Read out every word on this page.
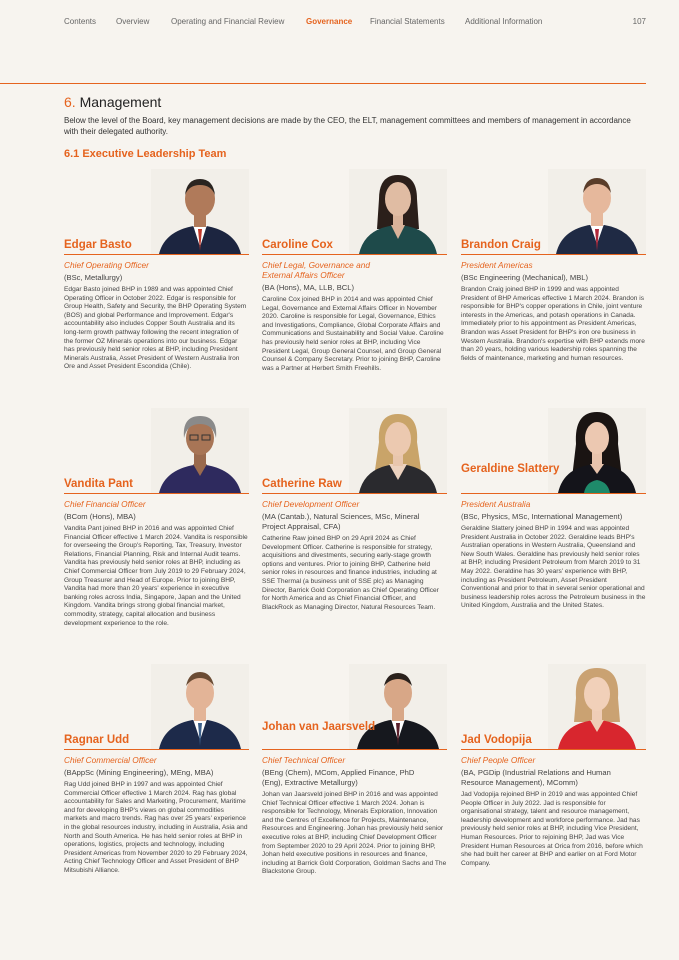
Contents Overview	Operating and Financial Review	Governance Financial Statements	Additional Information	107
6. Management
Below the level of the Board, key management decisions are made by the CEO, the ELT, management committees and members of management in accordance with their delegated authority.
6.1 Executive Leadership Team
Edgar Basto
Chief Operating Officer
(BSc, Metallurgy)
Edgar Basto joined BHP in 1989 and was appointed Chief Operating Officer in October 2022. Edgar is responsible for Group Health, Safety and Security, the BHP Operating System (BOS) and global Performance and Improvement. Edgar's accountability also includes Copper South Australia and its long-term growth pathway following the recent integration of the former OZ Minerals operations into our business. Edgar has previously held senior roles at BHP, including President Minerals Australia, Asset President of Western Australia Iron Ore and Asset President Escondida (Chile).
Caroline Cox
Chief Legal, Governance and External Affairs Officer
(BA (Hons), MA, LLB, BCL)
Caroline Cox joined BHP in 2014 and was appointed Chief Legal, Governance and External Affairs Officer in November 2020. Caroline is responsible for Legal, Governance, Ethics and Investigations, Compliance, Global Corporate Affairs and Communications and Sustainability and Social Value. Caroline has previously held senior roles at BHP, including Vice President Legal, Group General Counsel, and Group General Counsel & Company Secretary. Prior to joining BHP, Caroline was a Partner at Herbert Smith Freehills.
Brandon Craig
President Americas
(BSc Engineering (Mechanical), MBL)
Brandon Craig joined BHP in 1999 and was appointed President of BHP Americas effective 1 March 2024. Brandon is responsible for BHP's copper operations in Chile, joint venture interests in the Americas, and potash operations in Canada. Immediately prior to his appointment as President Americas, Brandon was Asset President for BHP's iron ore business in Western Australia. Brandon's expertise with BHP extends more than 20 years, holding various leadership roles spanning the fields of maintenance, marketing and human resources.
Vandita Pant
Chief Financial Officer
(BCom (Hons), MBA)
Vandita Pant joined BHP in 2016 and was appointed Chief Financial Officer effective 1 March 2024. Vandita is responsible for overseeing the Group's Reporting, Tax, Treasury, Investor Relations, Financial Planning, Risk and Internal Audit teams. Vandita has previously held senior roles at BHP, including as Chief Commercial Officer from July 2019 to 29 February 2024, Group Treasurer and Head of Europe. Prior to joining BHP, Vandita had more than 20 years' experience in executive banking roles across India, Singapore, Japan and the United Kingdom. Vandita brings strong global financial market, commodity, strategy, capital allocation and business development experience to the role.
Catherine Raw
Chief Development Officer
(MA (Cantab.), Natural Sciences, MSc, Mineral Project Appraisal, CFA)
Catherine Raw joined BHP on 29 April 2024 as Chief Development Officer. Catherine is responsible for strategy, acquisitions and divestments, securing early-stage growth options and ventures. Prior to joining BHP, Catherine held senior roles in resources and finance industries, including at SSE Thermal (a business unit of SSE plc) as Managing Director, Barrick Gold Corporation as Chief Operating Officer for North America and as Chief Financial Officer, and BlackRock as Managing Director, Natural Resources Team.
Geraldine Slattery
President Australia
(BSc, Physics, MSc, International Management)
Geraldine Slattery joined BHP in 1994 and was appointed President Australia in October 2022. Geraldine leads BHP's Australian operations in Western Australia, Queensland and New South Wales. Geraldine has previously held senior roles at BHP, including President Petroleum from March 2019 to 31 May 2022. Geraldine has 30 years' experience with BHP, including as President Petroleum, Asset President Conventional and prior to that in several senior operational and business leadership roles across the Petroleum business in the United Kingdom, Australia and the United States.
Ragnar Udd
Chief Commercial Officer
(BAppSc (Mining Engineering), MEng, MBA)
Rag Udd joined BHP in 1997 and was appointed Chief Commercial Officer effective 1 March 2024. Rag has global accountability for Sales and Marketing, Procurement, Maritime and for developing BHP's views on global commodities markets and macro trends. Rag has over 25 years' experience in the global resources industry, including in Australia, Asia and North and South America. He has held senior roles at BHP in operations, logistics, projects and technology, including President Americas from November 2020 to 29 February 2024, Acting Chief Technology Officer and Asset President of BHP Mitsubishi Alliance.
Johan van Jaarsveld
Chief Technical Officer
(BEng (Chem), MCom, Applied Finance, PhD (Eng), Extractive Metallurgy)
Johan van Jaarsveld joined BHP in 2016 and was appointed Chief Technical Officer effective 1 March 2024. Johan is responsible for Technology, Minerals Exploration, Innovation and the Centres of Excellence for Projects, Maintenance, Resources and Engineering. Johan has previously held senior executive roles at BHP, including Chief Development Officer from September 2020 to 29 April 2024. Prior to joining BHP, Johan held executive positions in resources and finance, including at Barrick Gold Corporation, Goldman Sachs and The Blackstone Group.
Jad Vodopija
Chief People Officer
(BA, PGDip (Industrial Relations and Human Resource Management), MComm)
Jad Vodopija rejoined BHP in 2019 and was appointed Chief People Officer in July 2022. Jad is responsible for organisational strategy, talent and resource management, leadership development and workforce performance. Jad has previously held senior roles at BHP, including Vice President, Human Resources. Prior to rejoining BHP, Jad was Vice President Human Resources at Orica from 2016, before which she had built her career at BHP and earlier on at Ford Motor Company.
